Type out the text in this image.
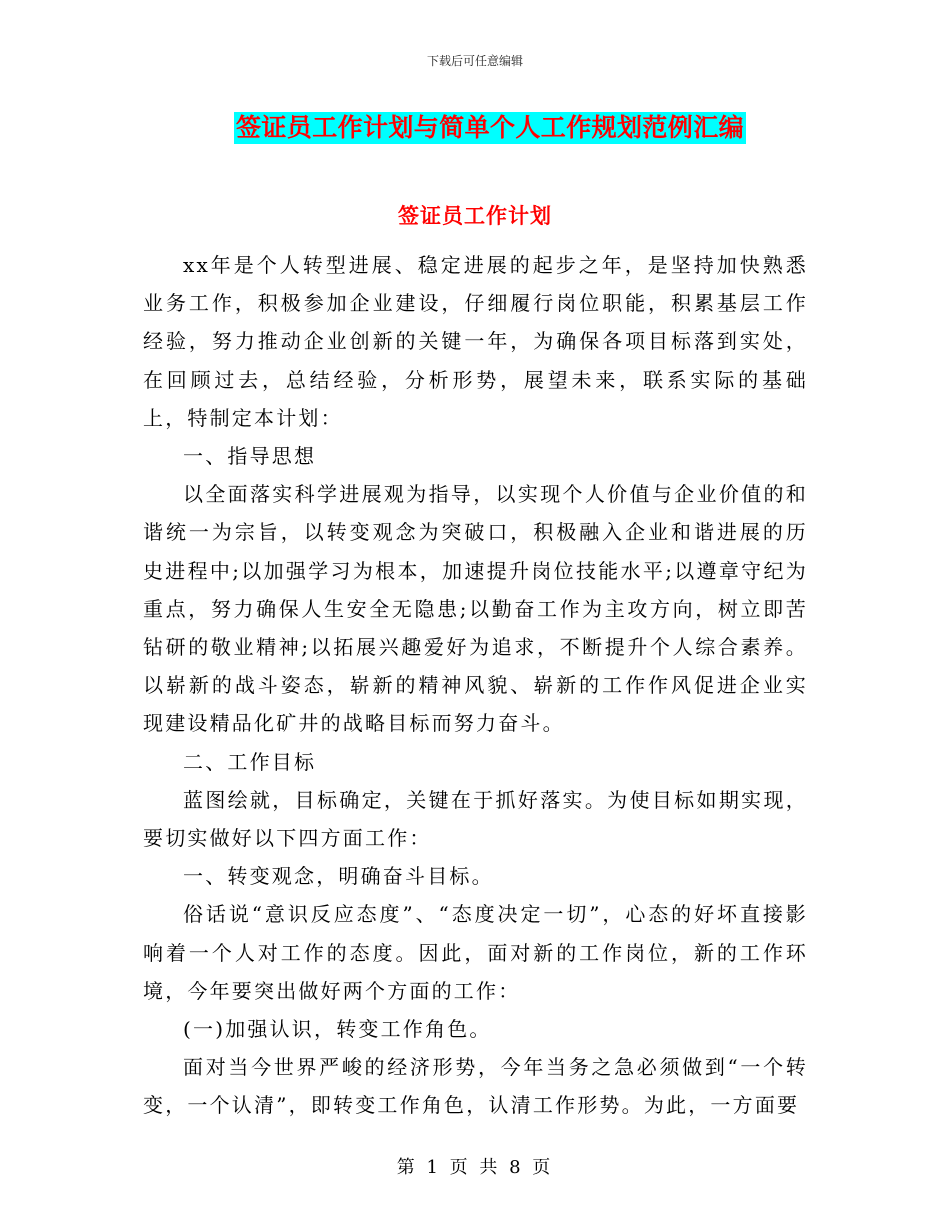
下载后可任意编辑
签证员工作计划与简单个人工作规划范例汇编
签证员工作计划

xx年是个人转型进展、稳定进展的起步之年，是坚持加快熟悉业务工作，积极参加企业建设，仔细履行岗位职能，积累基层工作经验，努力推动企业创新的关键一年，为确保各项目标落到实处，在回顾过去，总结经验，分析形势，展望未来，联系实际的基础上，特制定本计划：

一、指导思想

以全面落实科学进展观为指导，以实现个人价值与企业价值的和谐统一为宗旨，以转变观念为突破口，积极融入企业和谐进展的历史进程中;以加强学习为根本，加速提升岗位技能水平;以遵章守纪为重点，努力确保人生安全无隐患;以勤奋工作为主攻方向，树立即苦钻研的敬业精神;以拓展兴趣爱好为追求，不断提升个人综合素养。以崭新的战斗姿态，崭新的精神风貌、崭新的工作作风促进企业实现建设精品化矿井的战略目标而努力奋斗。

二、工作目标

蓝图绘就，目标确定，关键在于抓好落实。为使目标如期实现，要切实做好以下四方面工作：

一、转变观念，明确奋斗目标。

俗话说“意识反应态度”、“态度决定一切”，心态的好坏直接影响着一个人对工作的态度。因此，面对新的工作岗位，新的工作环境，今年要突出做好两个方面的工作：

(一)加强认识，转变工作角色。

面对当今世界严峻的经济形势，今年当务之急必须做到“一个转变，一个认清”，即转变工作角色，认清工作形势。为此，一方面要

第 1 页 共 8 页
